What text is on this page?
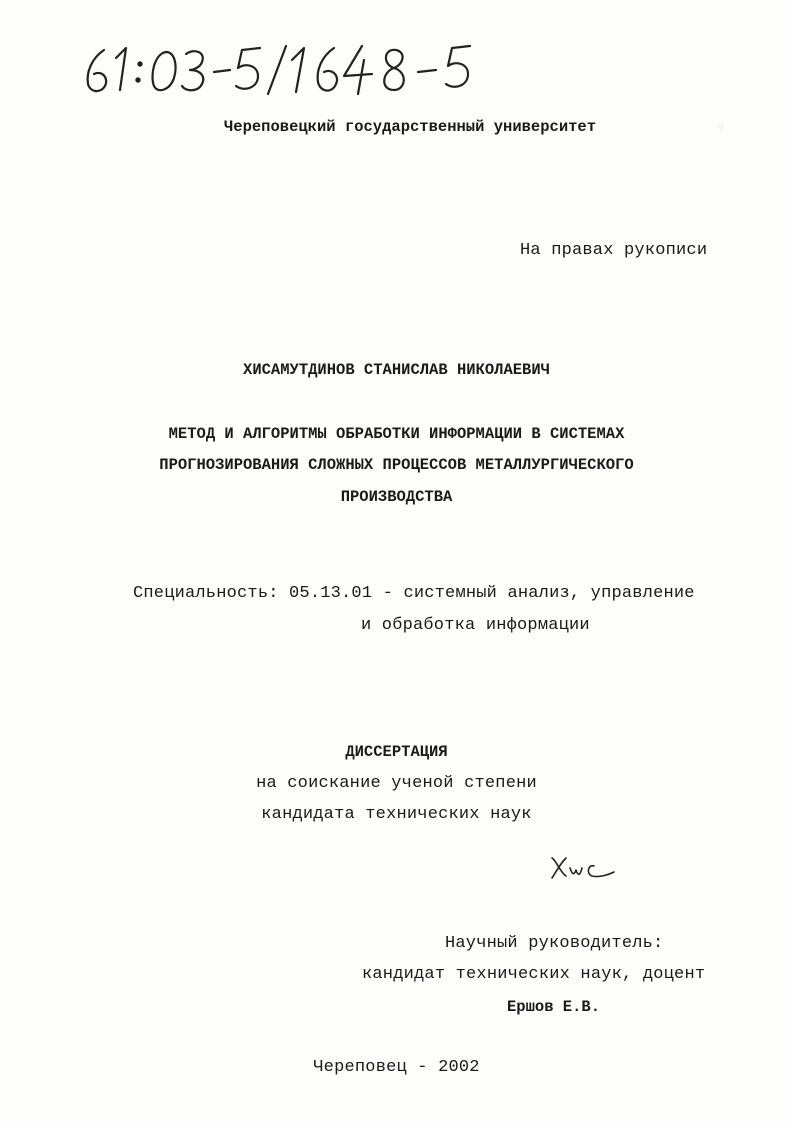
◌
Череповецкий государственный университет
На правах рукописи
ХИСАМУТДИНОВ СТАНИСЛАВ НИКОЛАЕВИЧ
МЕТОД И АЛГОРИТМЫ ОБРАБОТКИ ИНФОРМАЦИИ В СИСТЕМАХ
ПРОГНОЗИРОВАНИЯ СЛОЖНЫХ ПРОЦЕССОВ МЕТАЛЛУРГИЧЕСКОГО
ПРОИЗВОДСТВА
Специальность: 05.13.01 - системный анализ, управление
и обработка информации
ДИССЕРТАЦИЯ
на соискание ученой степени
кандидата технических наук
Научный руководитель:
кандидат технических наук, доцент
Ершов Е.В.
Череповец - 2002
